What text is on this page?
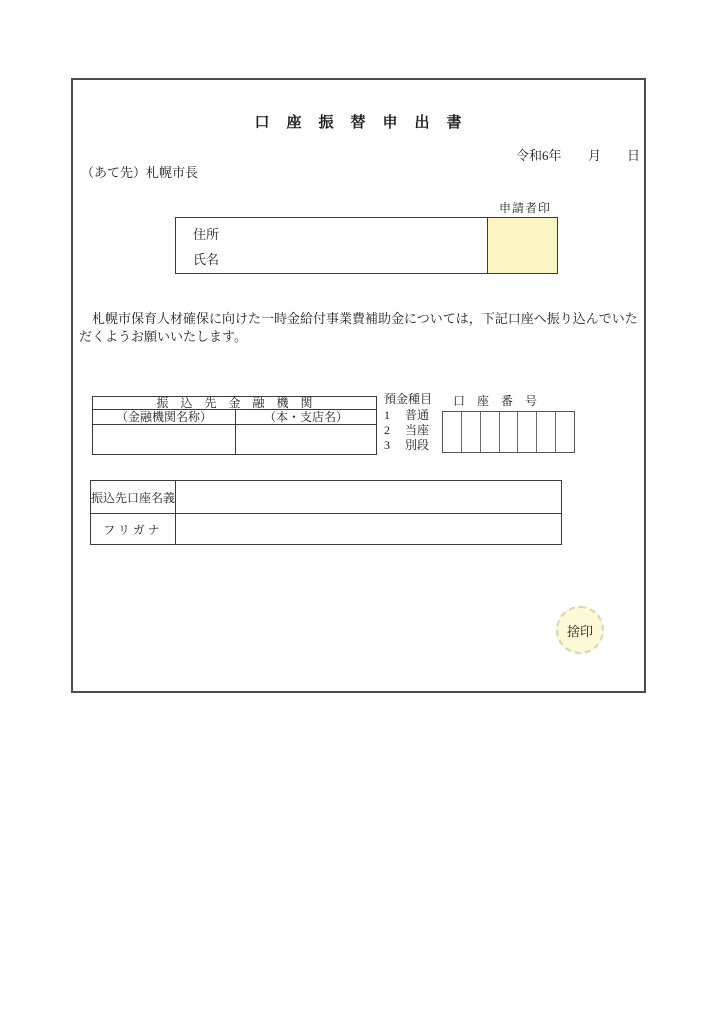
口　座　振　替　申　出　書
令和6年 月 日
（あて先）札幌市長
申請者印
住所
氏名
　札幌市保育人材確保に向けた一時金給付事業費補助金については，下記口座へ振り込んでいただくようお願いいたします。
振　込　先　金　融　機　関
（金融機関名称）	（本・支店名）
預金種目
1	普通
2	当座
3	別段
口　座　番　号
振込先口座名義
フリガナ
捨印
